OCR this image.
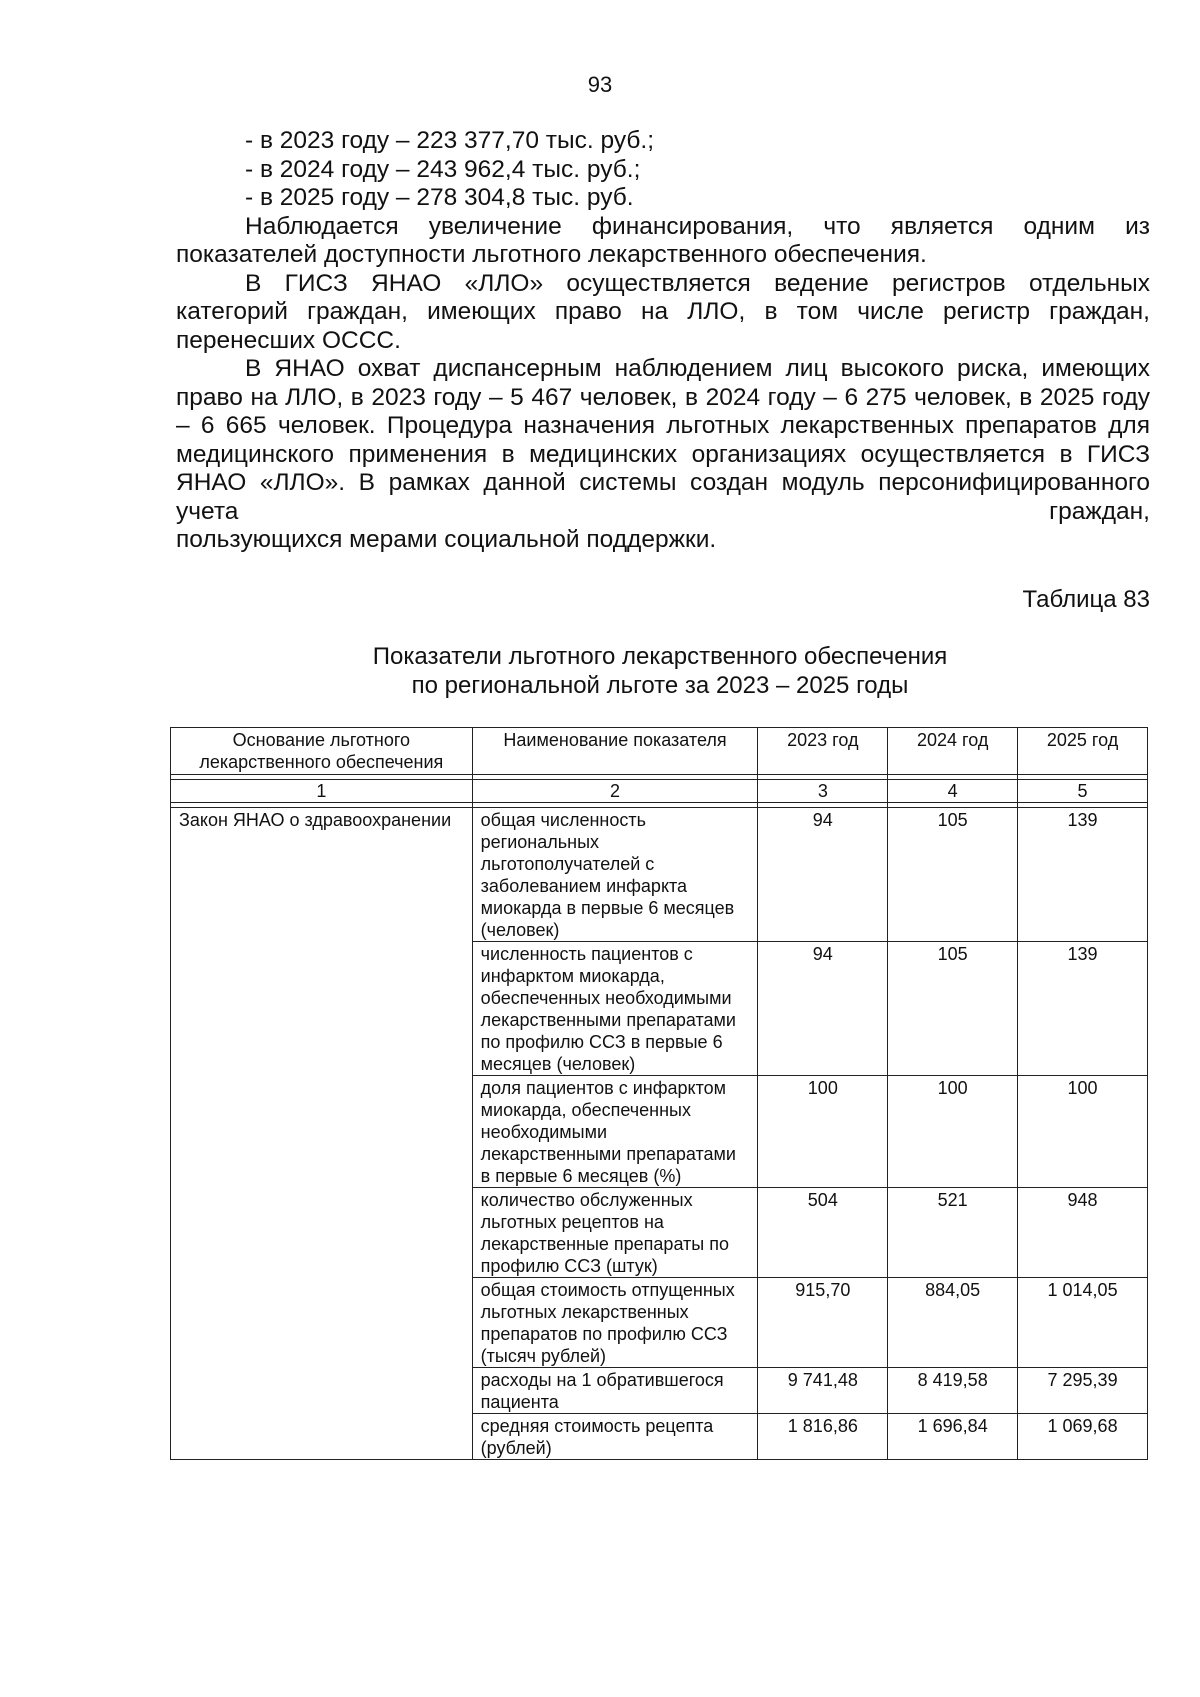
93
- в 2023 году – 223 377,70 тыс. руб.;
- в 2024 году – 243 962,4 тыс. руб.;
- в 2025 году – 278 304,8 тыс. руб.
Наблюдается увеличение финансирования, что является одним из показателей доступности льготного лекарственного обеспечения.
В ГИСЗ ЯНАО «ЛЛО» осуществляется ведение регистров отдельных категорий граждан, имеющих право на ЛЛО, в том числе регистр граждан, перенесших ОССС.
В ЯНАО охват диспансерным наблюдением лиц высокого риска, имеющих право на ЛЛО, в 2023 году – 5 467 человек, в 2024 году – 6 275 человек, в 2025 году – 6 665 человек. Процедура назначения льготных лекарственных препаратов для медицинского применения в медицинских организациях осуществляется в ГИСЗ ЯНАО «ЛЛО». В рамках данной системы создан модуль персонифицированного учета граждан,
пользующихся мерами социальной поддержки.
Таблица 83
Показатели льготного лекарственного обеспечения
по региональной льготе за 2023 – 2025 годы
Основание льготного лекарственного обеспечения	Наименование показателя	2023 год	2024 год	2025 год

1	2	3	4	5

Закон ЯНАО о здравоохранении	общая численность региональных льготополучателей с заболеванием инфаркта миокарда в первые 6 месяцев (человек)	94	105	139
	численность пациентов с инфарктом миокарда, обеспеченных необходимыми лекарственными препаратами по профилю ССЗ в первые 6 месяцев (человек)	94	105	139
	доля пациентов с инфарктом миокарда, обеспеченных необходимыми лекарственными препаратами в первые 6 месяцев (%)	100	100	100
	количество обслуженных льготных рецептов на лекарственные препараты по профилю ССЗ (штук)	504	521	948
	общая стоимость отпущенных льготных лекарственных препаратов по профилю ССЗ (тысяч рублей)	915,70	884,05	1 014,05
	расходы на 1 обратившегося пациента	9 741,48	8 419,58	7 295,39
	средняя стоимость рецепта (рублей)	1 816,86	1 696,84	1 069,68
